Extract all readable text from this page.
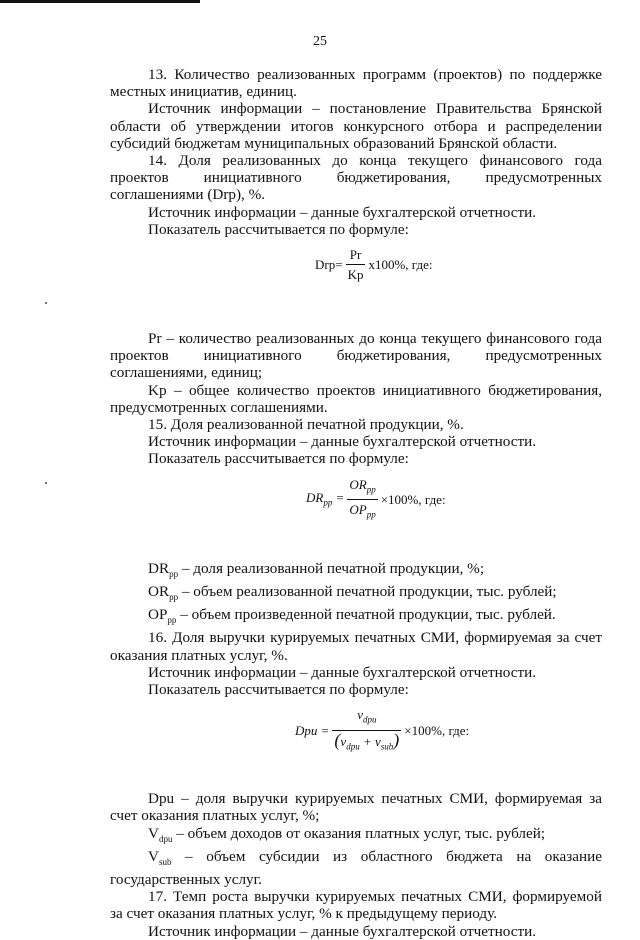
25

13. Количество реализованных программ (проектов) по поддержке местных инициатив, единиц.

Источник информации – постановление Правительства Брянской области об утверждении итогов конкурсного отбора и распределении субсидий бюджетам муниципальных образований Брянской области.

14. Доля реализованных до конца текущего финансового года проектов инициативного бюджетирования, предусмотренных соглашениями (Drp), %.

Источник информации – данные бухгалтерской отчетности.

Показатель рассчитывается по формуле:

$Drp= \frac{Pr}{Kp} x100\%$, где:

Pr – количество реализованных до конца текущего финансового года проектов инициативного бюджетирования, предусмотренных соглашениями, единиц;

Kp – общее количество проектов инициативного бюджетирования, предусмотренных соглашениями.

15. Доля реализованной печатной продукции, %.

Источник информации – данные бухгалтерской отчетности.

Показатель рассчитывается по формуле:

$DR_{pp} = \frac{OR_{pp}}{OP_{pp}} \times 100\%$, где:

$DR_{pp}$ – доля реализованной печатной продукции, %;

$OR_{pp}$ – объем реализованной печатной продукции, тыс. рублей;

$OP_{pp}$ – объем произведенной печатной продукции, тыс. рублей.

16. Доля выручки курируемых печатных СМИ, формируемая за счет оказания платных услуг, %.

Источник информации – данные бухгалтерской отчетности.

Показатель рассчитывается по формуле:

Dpu = $\frac{v_{dpu}}{(v_{dpu} + v_{sub})} \times 100\%$, где:

Dpu – доля выручки курируемых печатных СМИ, формируемая за счет оказания платных услуг, %;

$V_{dpu}$ – объем доходов от оказания платных услуг, тыс. рублей;

$V_{sub}$ – объем субсидии из областного бюджета на оказание государственных услуг.

17. Темп роста выручки курируемых печатных СМИ, формируемой за счет оказания платных услуг, % к предыдущему периоду.

Источник информации – данные бухгалтерской отчетности.
